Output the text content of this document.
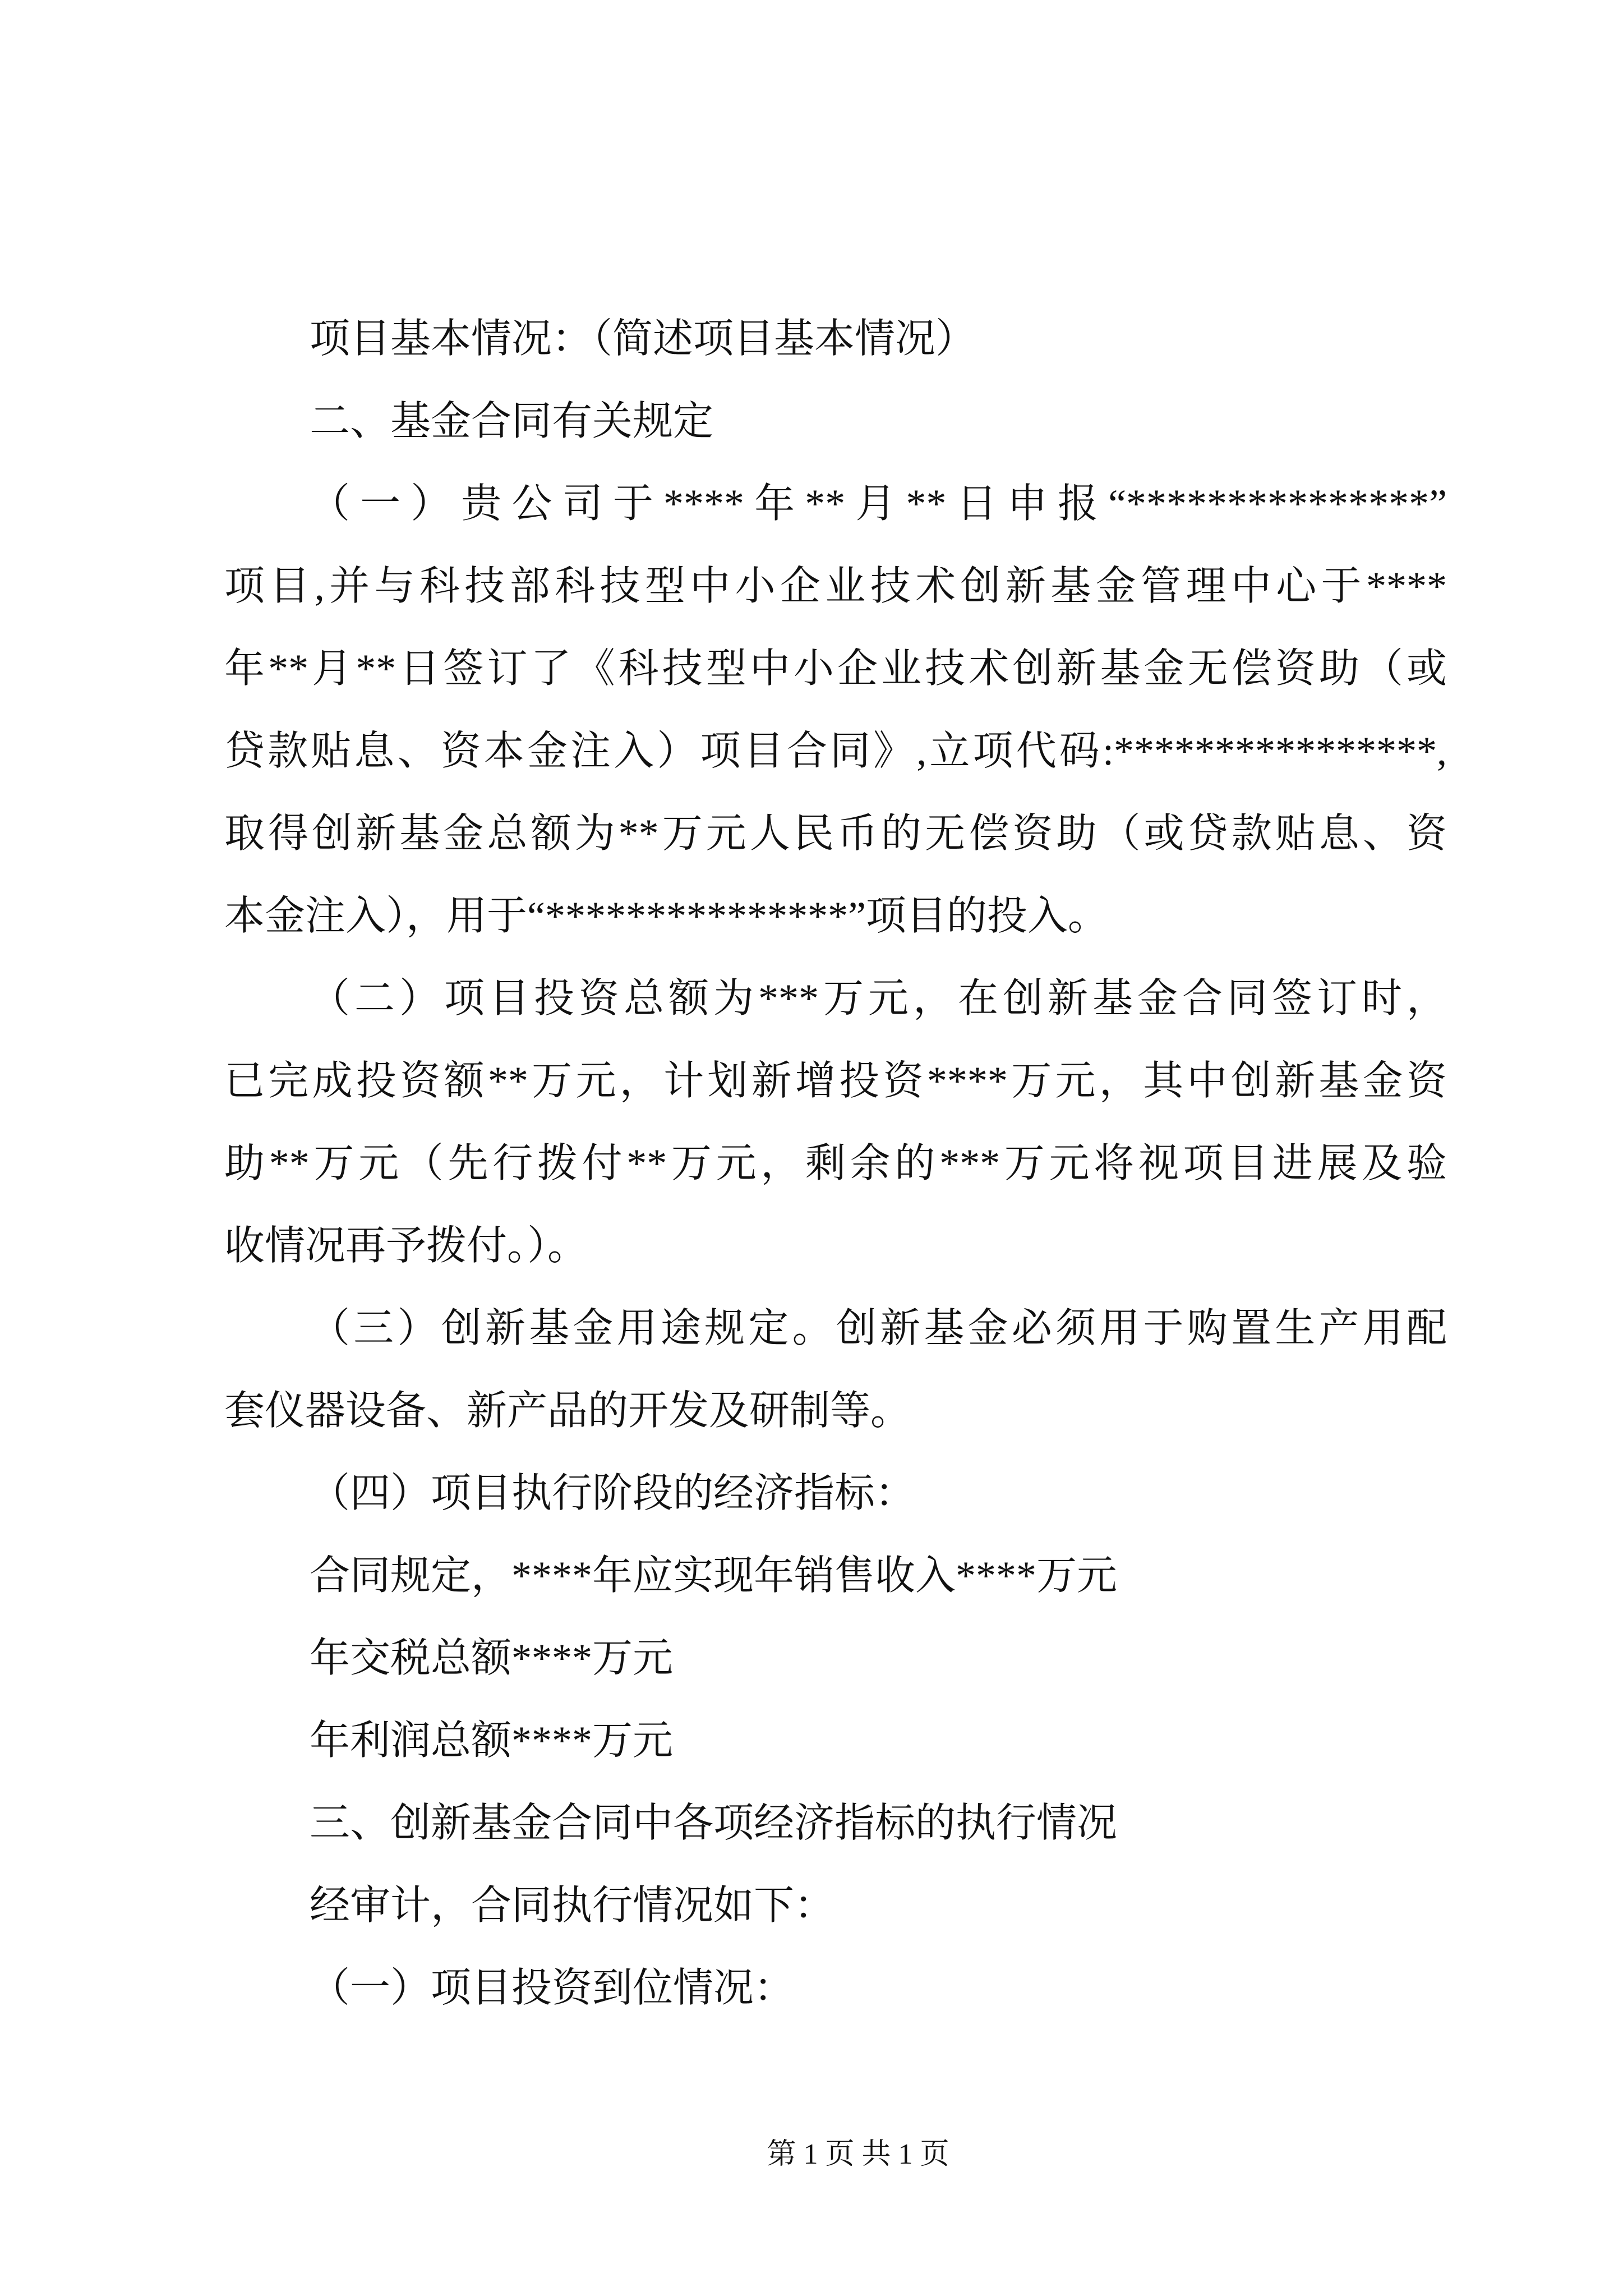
项目基本情况：（简述项目基本情况）
二、基金合同有关规定
（一）贵公司于****年**月**日申报“***************”
项目,并与科技部科技型中小企业技术创新基金管理中心于****
年**月**日签订了《科技型中小企业技术创新基金无偿资助（或
贷款贴息、资本金注入）项目合同》,立项代码:****************,
取得创新基金总额为**万元人民币的无偿资助（或贷款贴息、资
本金注入），用于“***************”项目的投入。
（二）项目投资总额为***万元，在创新基金合同签订时，
已完成投资额**万元，计划新增投资****万元，其中创新基金资
助**万元（先行拨付**万元，剩余的***万元将视项目进展及验
收情况再予拨付。）。
（三）创新基金用途规定。创新基金必须用于购置生产用配
套仪器设备、新产品的开发及研制等。
（四）项目执行阶段的经济指标：
合同规定，****年应实现年销售收入****万元
年交税总额****万元
年利润总额****万元
三、创新基金合同中各项经济指标的执行情况
经审计，合同执行情况如下：
（一）项目投资到位情况：
第 1 页 共 1 页
